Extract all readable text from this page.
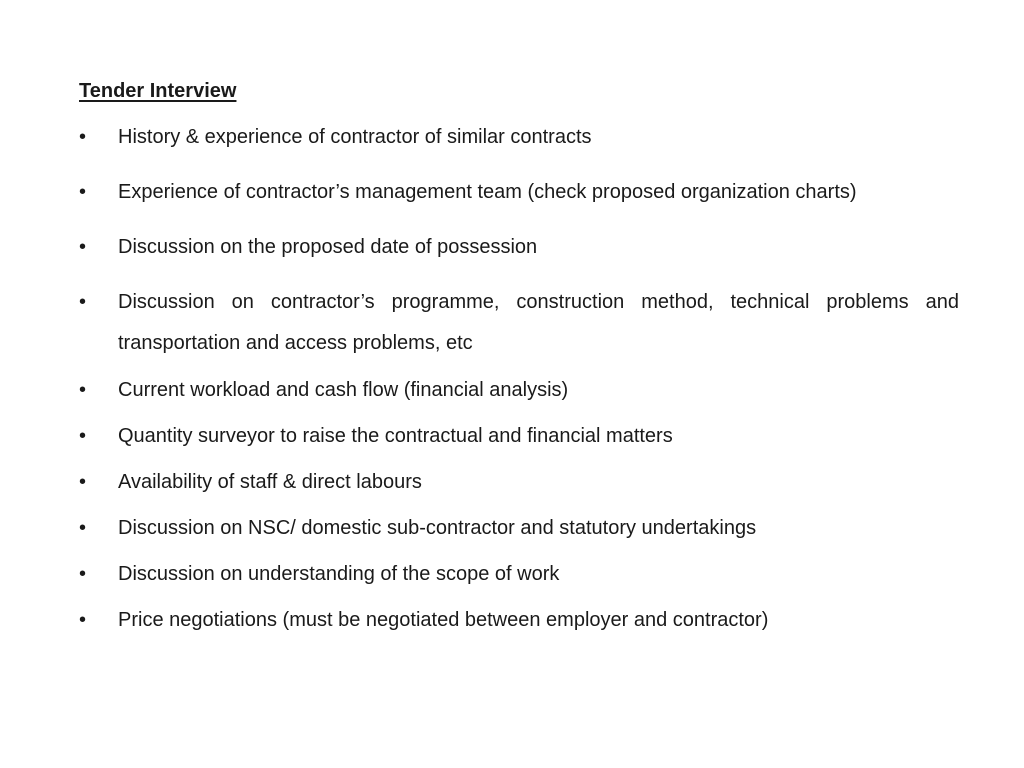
Tender Interview
•	History & experience of contractor of similar contracts
•	Experience of contractor’s management team (check proposed organization charts)
•	Discussion on the proposed date of possession
•	Discussion on contractor’s programme, construction method, technical problems and transportation and access problems, etc
•	Current workload and cash flow (financial analysis)
•	Quantity surveyor to raise the contractual and financial matters
•	Availability of staff & direct labours
•	Discussion on NSC/ domestic sub-contractor and statutory undertakings
•	Discussion on understanding of the scope of work
•	Price negotiations (must be negotiated between employer and contractor)
